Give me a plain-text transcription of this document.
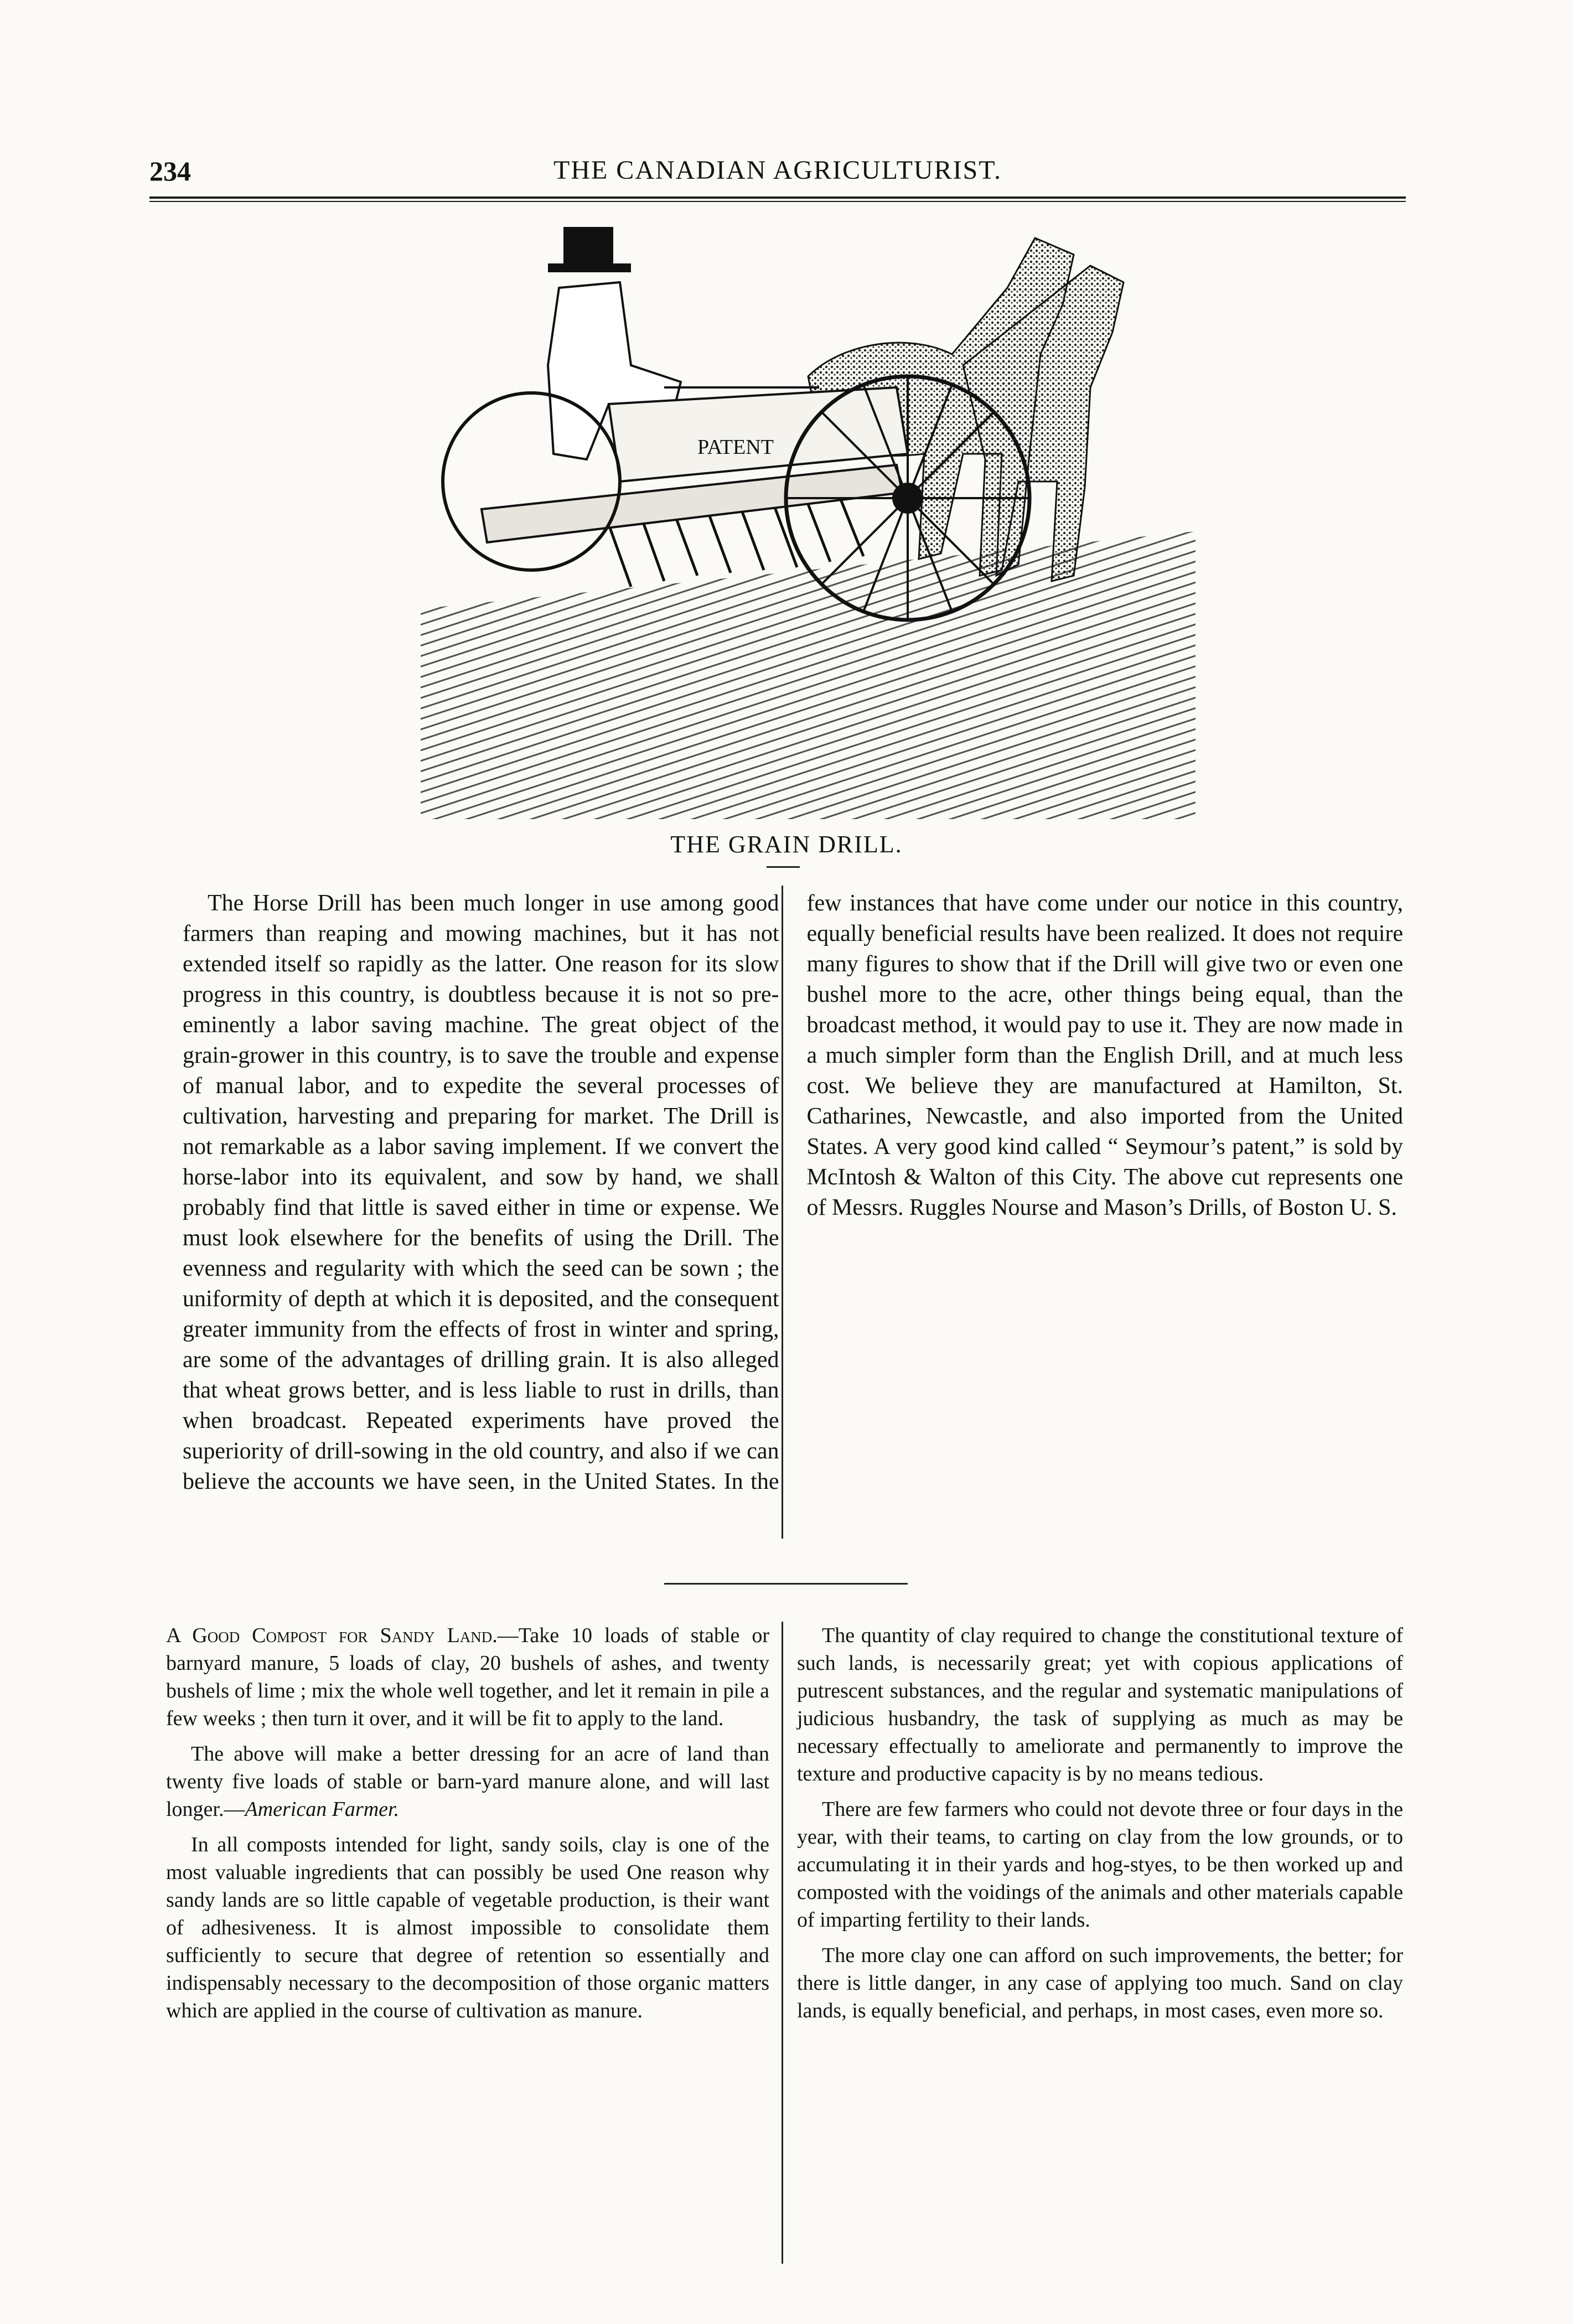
234	THE CANADIAN AGRICULTURIST.
PATENT
THE GRAIN DRILL.

The Horse Drill has been much longer in use among good farmers than reaping and mowing machines, but it has not extended itself so rapidly as the latter. One reason for its slow progress in this country, is doubtless because it is not so pre-eminently a labor saving machine. The great object of the grain-grower in this country, is to save the trouble and expense of manual labor, and to expedite the several processes of cultivation, harvesting and preparing for market. The Drill is not remarkable as a labor saving implement. If we convert the horse-labor into its equivalent, and sow by hand, we shall probably find that little is saved either in time or expense. We must look elsewhere for the benefits of using the Drill. The evenness and regularity with which the seed can be sown ; the uniformity of depth at which it is deposited, and the consequent greater immunity from the effects of frost in winter and spring, are some of the advantages of drilling grain. It is also alleged that wheat grows better, and is less liable to rust in drills, than when broadcast. Repeated experiments have proved the superiority of drill-sowing in the old country, and also if we can believe the accounts we have seen, in the United States. In the few instances that have come under our notice in this country, equally beneficial results have been realized. It does not require many figures to show that if the Drill will give two or even one bushel more to the acre, other things being equal, than the broadcast method, it would pay to use it. They are now made in a much simpler form than the English Drill, and at much less cost. We believe they are manufactured at Hamilton, St. Catharines, Newcastle, and also imported from the United States. A very good kind called “ Seymour’s patent,” is sold by McIntosh & Walton of this City. The above cut represents one of Messrs. Ruggles Nourse and Mason’s Drills, of Boston U. S.

A Good Compost for Sandy Land.—Take 10 loads of stable or barnyard manure, 5 loads of clay, 20 bushels of ashes, and twenty bushels of lime ; mix the whole well together, and let it remain in pile a few weeks ; then turn it over, and it will be fit to apply to the land.

The above will make a better dressing for an acre of land than twenty five loads of stable or barn-yard manure alone, and will last longer.—American Farmer.

In all composts intended for light, sandy soils, clay is one of the most valuable ingredients that can possibly be used One reason why sandy lands are so little capable of vegetable production, is their want of adhesiveness. It is almost impossible to consolidate them sufficiently to secure that degree of retention so essentially and indispensably necessary to the decomposition of those organic matters which are applied in the course of cultivation as manure.

The quantity of clay required to change the constitutional texture of such lands, is necessarily great; yet with copious applications of putrescent substances, and the regular and systematic manipulations of judicious husbandry, the task of supplying as much as may be necessary effectually to ameliorate and permanently to improve the texture and productive capacity is by no means tedious.

There are few farmers who could not devote three or four days in the year, with their teams, to carting on clay from the low grounds, or to accumulating it in their yards and hog-styes, to be then worked up and composted with the voidings of the animals and other materials capable of imparting fertility to their lands.

The more clay one can afford on such improvements, the better; for there is little danger, in any case of applying too much. Sand on clay lands, is equally beneficial, and perhaps, in most cases, even more so.
